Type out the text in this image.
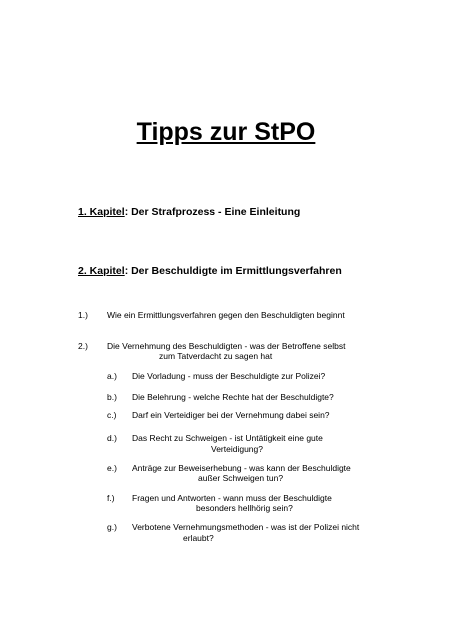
Tipps zur StPO
1. Kapitel: Der Strafprozess - Eine Einleitung
2. Kapitel: Der Beschuldigte im Ermittlungsverfahren
1.) Wie ein Ermittlungsverfahren gegen den Beschuldigten beginnt
2.) Die Vernehmung des Beschuldigten - was der Betroffene selbst
zum Tatverdacht zu sagen hat
a.) Die Vorladung - muss der Beschuldigte zur Polizei?
b.) Die Belehrung - welche Rechte hat der Beschuldigte?
c.) Darf ein Verteidiger bei der Vernehmung dabei sein?
d.) Das Recht zu Schweigen - ist Untätigkeit eine gute
Verteidigung?
e.) Anträge zur Beweiserhebung - was kann der Beschuldigte
außer Schweigen tun?
f.) Fragen und Antworten - wann muss der Beschuldigte
besonders hellhörig sein?
g.) Verbotene Vernehmungsmethoden - was ist der Polizei nicht
erlaubt?
